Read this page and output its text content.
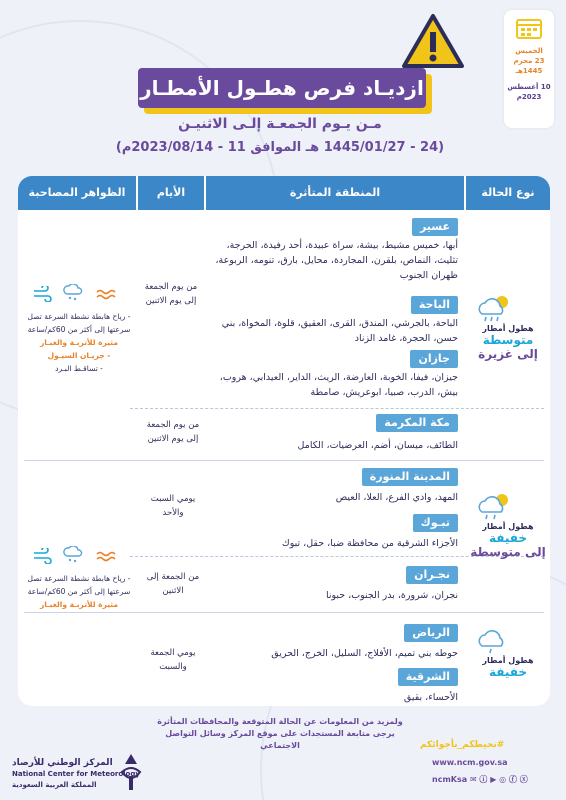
الخميس
23 محرم
1445هـ
10 أغسطس
2023م
ازديـاد فرص هطـول الأمطـار
مـن يـوم الجمعـة إلـى الاثنيـن
(24 - 1445/01/27 هـ الموافق 11 - 2023/08/14م)
نوع الحالة
المنطقة المتأثرة
الأيام
الظواهر المصاحبة
عسير
أبها، خميس مشيط، بيشة، سراة عبيدة، أحد رفيدة، الحرجة، تثليث، النماص، بلقرن، المجاردة، محايل، بارق، تنومه، الربوعة، ظهران الجنوب
الباحة
الباحة، بالجرشي، المندق، القرى، العقيق، قلوة، المخواة، بني حسن، الحجرة، غامد الزناد
جازان
جيزان، فيفا، الخوبة، العارضة، الريث، الداير، العيدابي، هروب، بيش، الدرب، صبيا، ابوعريش، صامطة
مكة المكرمة
الطائف، ميسان، أضم، العرضيات، الكامل
من يوم الجمعة إلى يوم الاثنين
من يوم الجمعة إلى يوم الاثنين
- رياح هابطة نشطة السرعة تصل سرعتها إلى أكثر من 60كم/ساعة
مثيرة للأتربـة والغبـار
- جريـان السيـول
- تساقـط البـرد
هطول أمطار
متوسطة
إلى غزيرة
المدينة المنورة
المهد، وادي الفرع، العلا، العيص
تبـوك
الأجزاء الشرقية من محافظة ضبا، حقل، تبوك
نجـران
نجران، شرورة، بدر الجنوب، حبونا
يومي السبت والأحد
من الجمعة إلى الاثنين
- رياح هابطة نشطة السرعة تصل سرعتها إلى أكثر من 60كم/ساعة
مثيرة للأتربـة والغبـار
هطول أمطار
خفيفة
إلى متوسطة
الرياض
حوطه بني تميم، الأفلاج، السليل، الخرج، الحريق
الشرقية
الأحساء، بقيق
يومي الجمعة والسبت
هطول أمطار
خفيفة
ولمزيد من المعلومات عن الحالة المتوقعة والمحافظات المتأثرة
يرجى متابعة المستجدات على موقع المركز وسائل التواصل الاجتماعي	#نحيطكم_بأجوائكم
www.ncm.gov.sa
ncmKsa ✉ ⓘ ▶ ◎ ⓕ ⓧ
المركز الوطني للأرصاد
National Center for Meteorology
المملكة العربية السعودية
